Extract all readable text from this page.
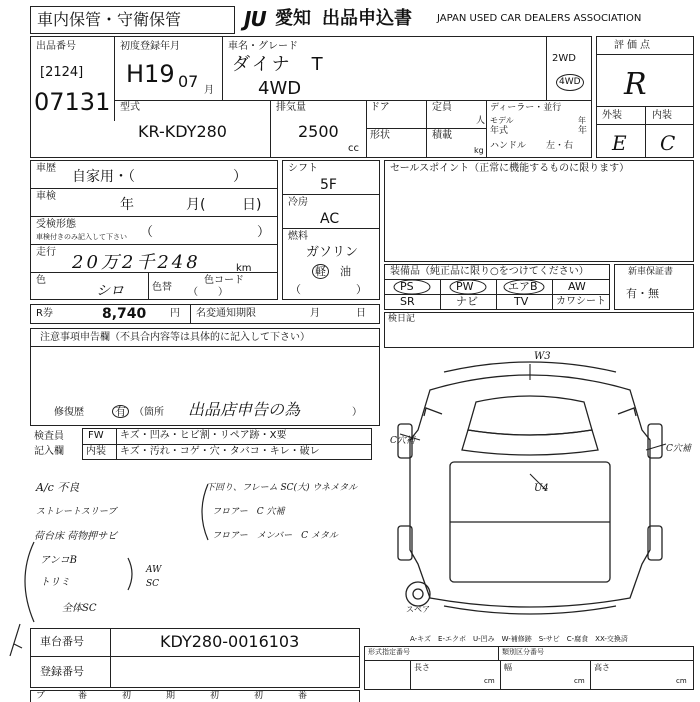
車内保管・守衛保管	JU 愛知 出品申込書	JAPAN USED CAR DEALERS ASSOCIATION
出品番号
[2124]
07131
初度登録年月
H19 07 月
車名・グレード
ダイナ　T
4WD
2WD
4WD
型式
KR-KDY280
排気量
2500
cc
ドア	定員
人
形状	積載
kg
ディーラー・並行
モデル	年
年式	年
ハンドル 左・右
評価点
R
外装	内装
E C
車歴
自家用・（　　　　　　　）
車検
年	月(	日)
受検形態
車検付きのみ記入して下さい （　　　　　　　　）
走行 20万2千248	km
色
シロ	色替 （　　）
色コード
シフト
5F
冷房
AC
燃料
ガソリン
軽 油
（　　　　　）
セールスポイント（正常に機能するものに限ります）
装備品（純正品に限り○をつけてください）
PS	PW	エアB	AW
SR	ナビ	TV	カワシート
新車保証書
有・無
R券	8,740 円 名変通知期限	月	日 検日記
注意事項申告欄（不具合内容等は具体的に記入して下さい）
修復歴	有 （箇所 出品店申告の為	）
検査員
記入欄
FW キズ・凹み・ヒビ割・リペア跡・X要
内装 キズ・汚れ・コゲ・穴・タバコ・キレ・破レ
A/c 不良
ストレートスリーブ
荷台床 荷物押サビ
アンコB
トリミ
AW
SC
全体SC
下回り、フレーム SC(大) ウネメタル
フロアー　C 穴補
フロアー　メンバー　C メタル
W3
U4
C穴補
C穴補
スペア
A-キズ　E-エクボ　U-凹み　W-補修跡　S-サビ　C-腐食　XX-交換済
車台番号	KDY280-0016103
登録番号
形式指定番号	類別区分番号
長さ	幅	高さ
cm	cm	cm
ブ	番	初	期	初	初	番
